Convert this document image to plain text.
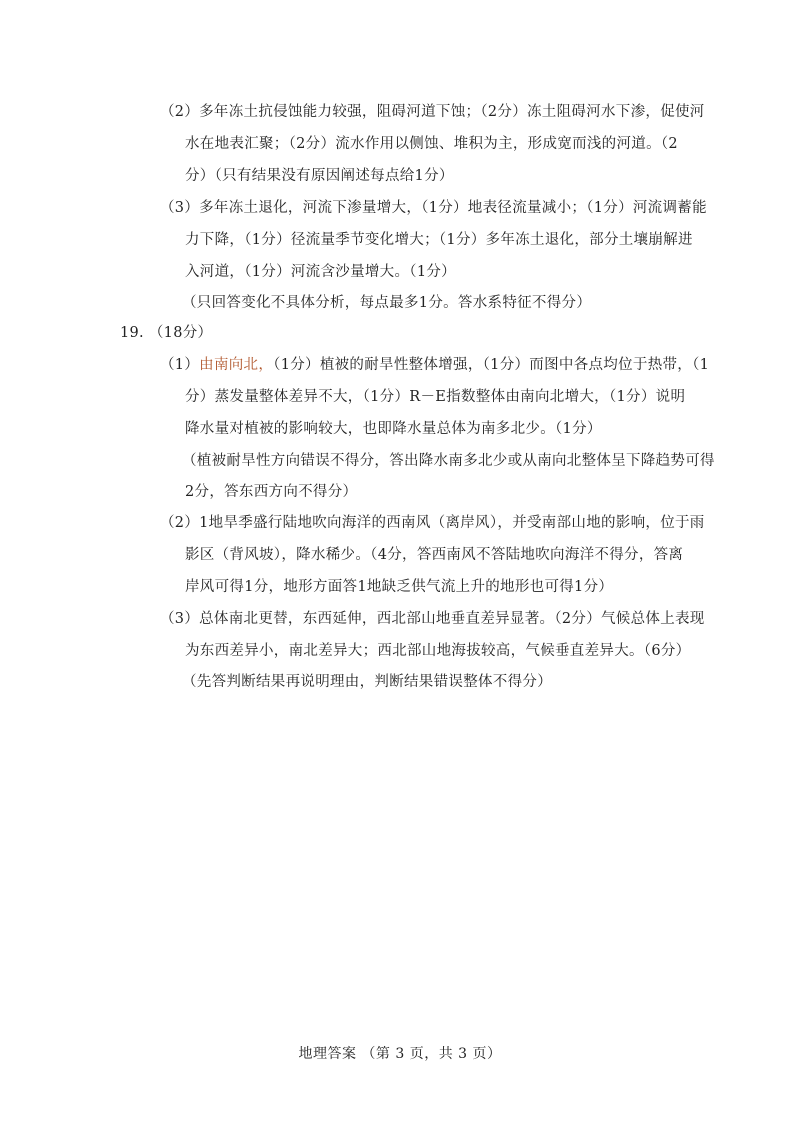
（2）多年冻土抗侵蚀能力较强，阻碍河道下蚀；（2分）冻土阻碍河水下渗，促使河
水在地表汇聚；（2分）流水作用以侧蚀、堆积为主，形成宽而浅的河道。（2
分）（只有结果没有原因阐述每点给1分）
（3）多年冻土退化，河流下渗量增大，（1分）地表径流量减小；（1分）河流调蓄能
力下降，（1分）径流量季节变化增大；（1分）多年冻土退化，部分土壤崩解进
入河道，（1分）河流含沙量增大。（1分）
（只回答变化不具体分析，每点最多1分。答水系特征不得分）
19. （18分）
（1）由南向北，（1分）植被的耐旱性整体增强，（1分）而图中各点均位于热带，（1
分）蒸发量整体差异不大，（1分）R－E指数整体由南向北增大，（1分）说明
降水量对植被的影响较大，也即降水量总体为南多北少。（1分）
（植被耐旱性方向错误不得分，答出降水南多北少或从南向北整体呈下降趋势可得
2分，答东西方向不得分）
（2）1地旱季盛行陆地吹向海洋的西南风（离岸风），并受南部山地的影响，位于雨
影区（背风坡），降水稀少。（4分，答西南风不答陆地吹向海洋不得分，答离
岸风可得1分，地形方面答1地缺乏供气流上升的地形也可得1分）
（3）总体南北更替，东西延伸，西北部山地垂直差异显著。（2分）气候总体上表现
为东西差异小，南北差异大；西北部山地海拔较高，气候垂直差异大。（6分）
（先答判断结果再说明理由，判断结果错误整体不得分）
地理答案 （第 3 页，共 3 页）
